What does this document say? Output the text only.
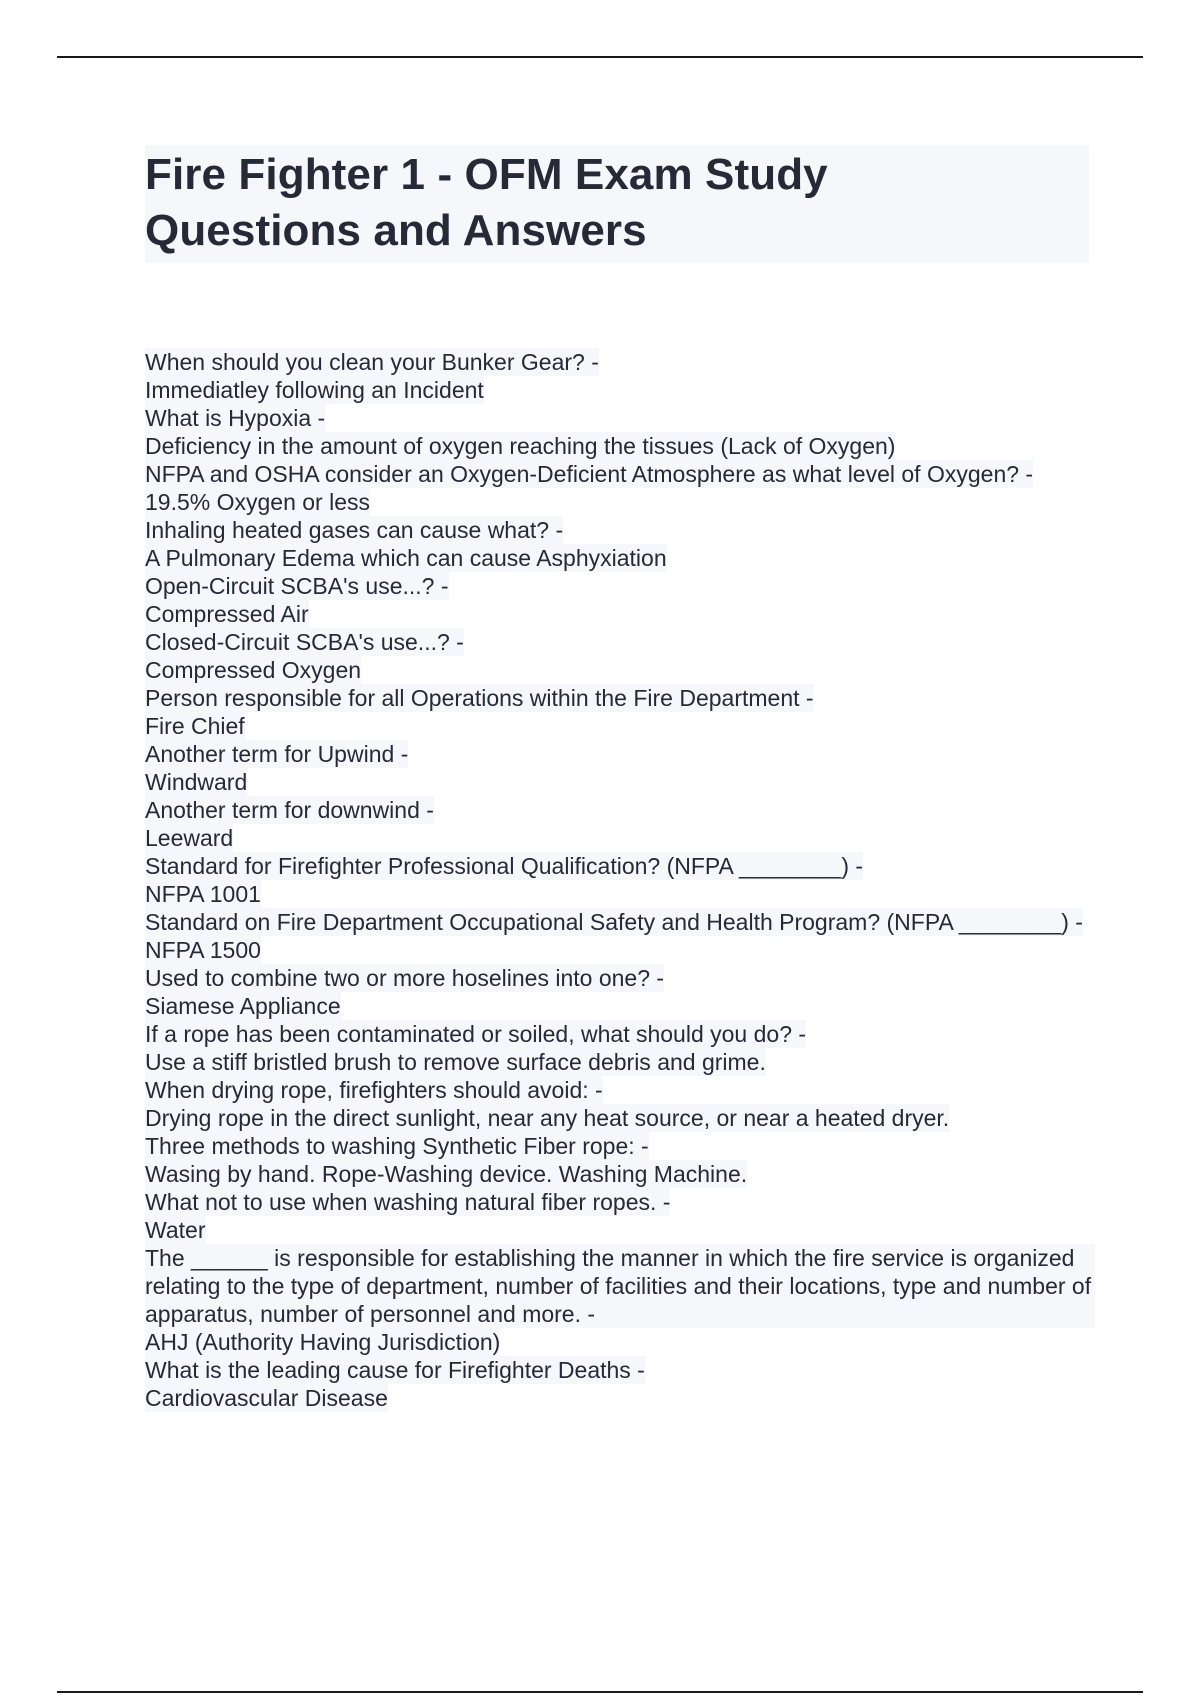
Fire Fighter 1 - OFM Exam Study
Questions and Answers
When should you clean your Bunker Gear? -
Immediatley following an Incident
What is Hypoxia -
Deficiency in the amount of oxygen reaching the tissues (Lack of Oxygen)
NFPA and OSHA consider an Oxygen-Deficient Atmosphere as what level of Oxygen? -
19.5% Oxygen or less
Inhaling heated gases can cause what? -
A Pulmonary Edema which can cause Asphyxiation
Open-Circuit SCBA's use...? -
Compressed Air
Closed-Circuit SCBA's use...? -
Compressed Oxygen
Person responsible for all Operations within the Fire Department -
Fire Chief
Another term for Upwind -
Windward
Another term for downwind -
Leeward
Standard for Firefighter Professional Qualification? (NFPA ________) -
NFPA 1001
Standard on Fire Department Occupational Safety and Health Program? (NFPA ________) -
NFPA 1500
Used to combine two or more hoselines into one? -
Siamese Appliance
If a rope has been contaminated or soiled, what should you do? -
Use a stiff bristled brush to remove surface debris and grime.
When drying rope, firefighters should avoid: -
Drying rope in the direct sunlight, near any heat source, or near a heated dryer.
Three methods to washing Synthetic Fiber rope: -
Wasing by hand. Rope-Washing device. Washing Machine.
What not to use when washing natural fiber ropes. -
Water
The ______ is responsible for establishing the manner in which the fire service is organized relating to the type of department, number of facilities and their locations, type and number of apparatus, number of personnel and more. -
AHJ (Authority Having Jurisdiction)
What is the leading cause for Firefighter Deaths -
Cardiovascular Disease
